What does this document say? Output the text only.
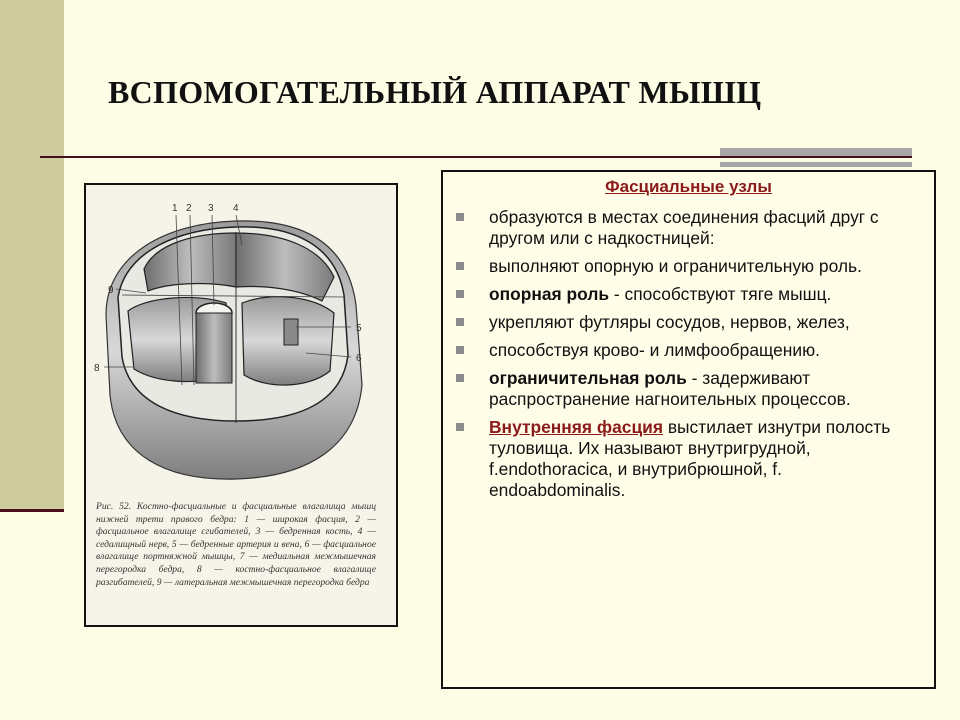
ВСПОМОГАТЕЛЬНЫЙ АППАРАТ МЫШЦ
1 2 3 4
5
6
8
9
Рис. 52. Костно-фасциальные и фасциальные влагалища мышц нижней трети правого бедра: 1 — широкая фасция, 2 — фасциальное влагалище сгибателей, 3 — бедренная кость, 4 — седалищный нерв, 5 — бедренные артерия и вена, 6 — фасциальное влагалище портняжной мышцы, 7 — медиальная межмышечная перегородка бедра, 8 — костно-фасциальное влагалище разгибателей, 9 — латеральная межмышечная перегородка бедра
Фасциальные узлы
образуются в местах соединения фасций друг с другом или с надкостницей:
выполняют опорную и ограничительную роль.
опорная роль - способствуют тяге мышц.
укрепляют футляры сосудов, нервов, желез,
способствуя крово- и лимфообращению.
ограничительная роль - задерживают распространение нагноительных процессов.
Внутренняя фасция выстилает изнутри полость туловища. Их называют внутригрудной, f.endothoracica, и внутрибрюшной, f. endoabdominalis.
